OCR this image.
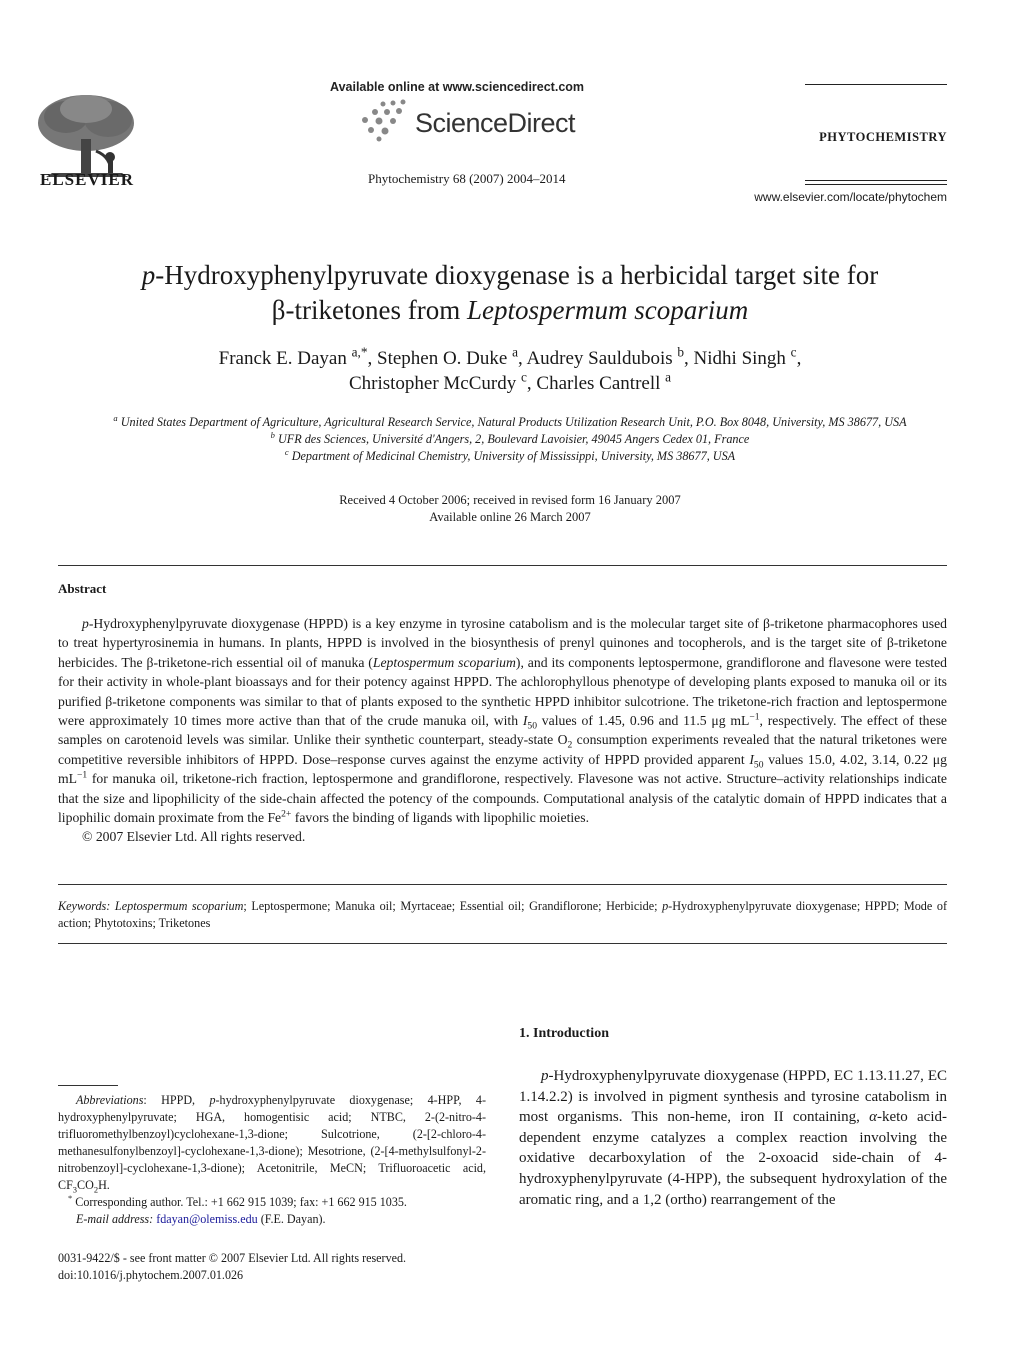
ELSEVIER
Available online at www.sciencedirect.com
ScienceDirect
Phytochemistry 68 (2007) 2004–2014
PHYTOCHEMISTRY
www.elsevier.com/locate/phytochem
p-Hydroxyphenylpyruvate dioxygenase is a herbicidal target site for
β-triketones from Leptospermum scoparium
Franck E. Dayan $^{a,*}$, Stephen O. Duke $^a$, Audrey Sauldubois $^b$, Nidhi Singh $^c$,
Christopher McCurdy $^c$, Charles Cantrell $^a$
$^a$ United States Department of Agriculture, Agricultural Research Service, Natural Products Utilization Research Unit, P.O. Box 8048, University, MS 38677, USA
$^b$ UFR des Sciences, Université d'Angers, 2, Boulevard Lavoisier, 49045 Angers Cedex 01, France
$^c$ Department of Medicinal Chemistry, University of Mississippi, University, MS 38677, USA
Received 4 October 2006; received in revised form 16 January 2007
Available online 26 March 2007
Abstract

p-Hydroxyphenylpyruvate dioxygenase (HPPD) is a key enzyme in tyrosine catabolism and is the molecular target site of β-triketone pharmacophores used to treat hypertyrosinemia in humans. In plants, HPPD is involved in the biosynthesis of prenyl quinones and tocopherols, and is the target site of β-triketone herbicides. The β-triketone-rich essential oil of manuka (Leptospermum scoparium), and its components leptospermone, grandiflorone and flavesone were tested for their activity in whole-plant bioassays and for their potency against HPPD. The achlorophyllous phenotype of developing plants exposed to manuka oil or its purified β-triketone components was similar to that of plants exposed to the synthetic HPPD inhibitor sulcotrione. The triketone-rich fraction and leptospermone were approximately 10 times more active than that of the crude manuka oil, with $I_{50}$ values of 1.45, 0.96 and 11.5 μg $mL^{-1}$, respectively. The effect of these samples on carotenoid levels was similar. Unlike their synthetic counterpart, steady-state $O_2$ consumption experiments revealed that the natural triketones were competitive reversible inhibitors of HPPD. Dose–response curves against the enzyme activity of HPPD provided apparent $I_{50}$ values 15.0, 4.02, 3.14, 0.22 μg $mL^{-1}$ for manuka oil, triketone-rich fraction, leptospermone and grandiflorone, respectively. Flavesone was not active. Structure–activity relationships indicate that the size and lipophilicity of the side-chain affected the potency of the compounds. Computational analysis of the catalytic domain of HPPD indicates that a lipophilic domain proximate from the $Fe^{2+}$ favors the binding of ligands with lipophilic moieties.

© 2007 Elsevier Ltd. All rights reserved.

Keywords: Leptospermum scoparium; Leptospermone; Manuka oil; Myrtaceae; Essential oil; Grandiflorone; Herbicide; p-Hydroxyphenylpyruvate dioxygenase; HPPD; Mode of action; Phytotoxins; Triketones
1. Introduction

p-Hydroxyphenylpyruvate dioxygenase (HPPD, EC 1.13.11.27, EC 1.14.2.2) is involved in pigment synthesis and tyrosine catabolism in most organisms. This non-heme, iron II containing, α-keto acid-dependent enzyme catalyzes a complex reaction involving the oxidative decarboxylation of the 2-oxoacid side-chain of 4-hydroxyphenylpyruvate (4-HPP), the subsequent hydroxylation of the aromatic ring, and a 1,2 (ortho) rearrangement of the

Abbreviations: HPPD, p-hydroxyphenylpyruvate dioxygenase; 4-HPP, 4-hydroxyphenylpyruvate; HGA, homogentisic acid; NTBC, 2-(2-nitro-4-trifluoromethylbenzoyl)cyclohexane-1,3-dione; Sulcotrione, (2-[2-chloro-4-methanesulfonylbenzoyl]-cyclohexane-1,3-dione); Mesotrione, (2-[4-methylsulfonyl-2-nitrobenzoyl]-cyclohexane-1,3-dione); Acetonitrile, MeCN; Trifluoroacetic acid, $CF_3CO_2H$.

* Corresponding author. Tel.: +1 662 915 1039; fax: +1 662 915 1035.

E-mail address: fdayan@olemiss.edu (F.E. Dayan).

0031-9422/$ - see front matter © 2007 Elsevier Ltd. All rights reserved.
doi:10.1016/j.phytochem.2007.01.026
